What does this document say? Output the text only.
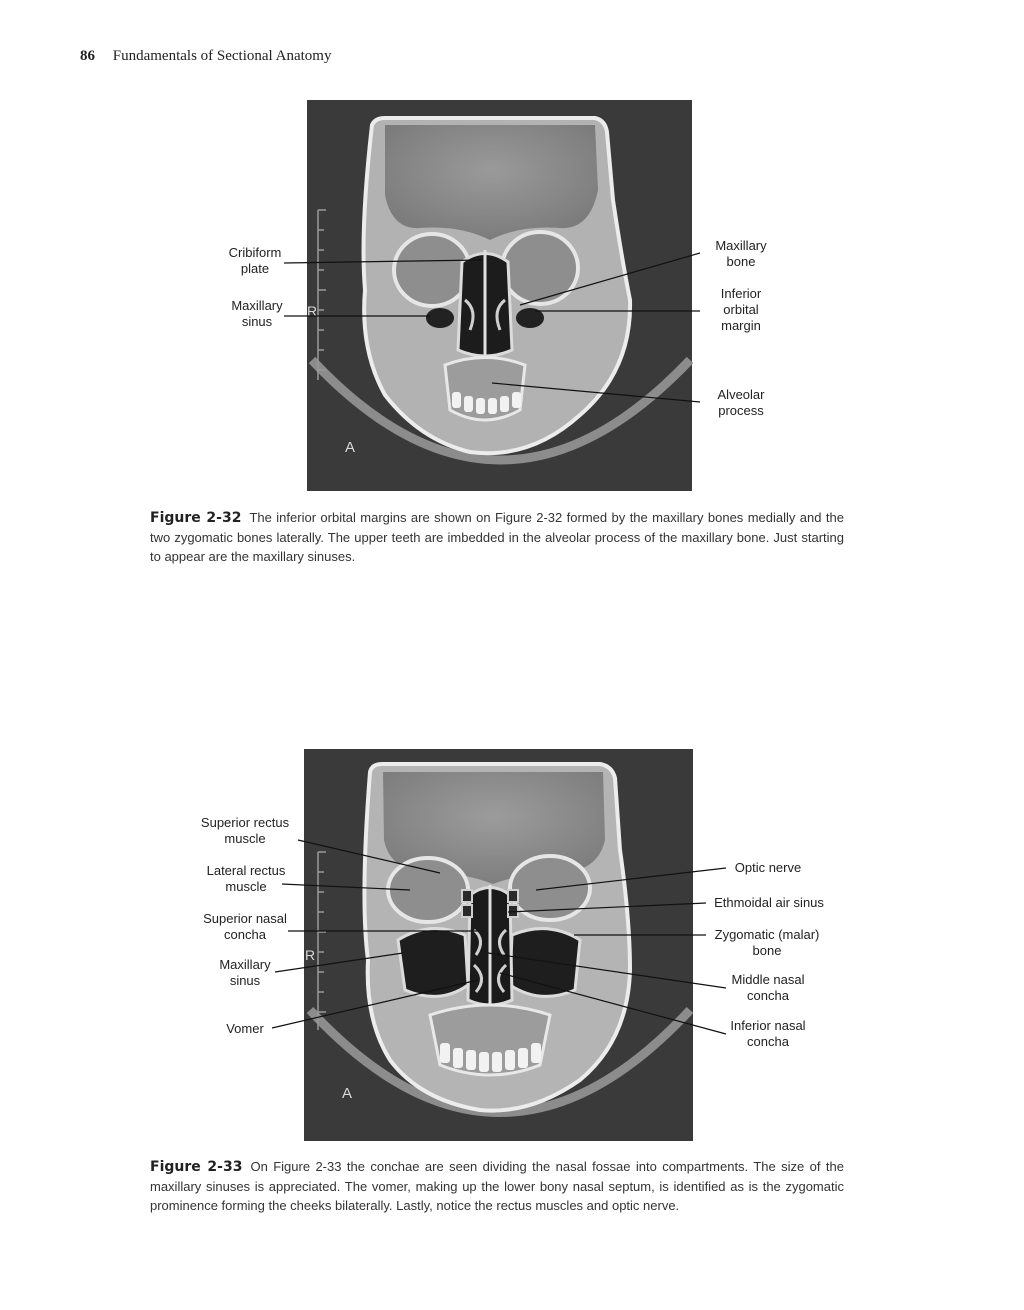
86 Fundamentals of Sectional Anatomy
A
R
Cribiform
plate
Maxillary
sinus
Maxillary
bone
Inferior
orbital
margin
Alveolar
process
Figure 2-32 The inferior orbital margins are shown on Figure 2-32 formed by the maxillary bones medially and the two zygomatic bones laterally. The upper teeth are imbedded in the alveolar process of the maxillary bone. Just starting to appear are the maxillary sinuses.
A
R
Superior rectus
muscle
Lateral rectus
muscle
Superior nasal
concha
Maxillary
sinus
Vomer
Optic nerve
Ethmoidal air sinus
Zygomatic (malar)
bone
Middle nasal
concha
Inferior nasal
concha
Figure 2-33 On Figure 2-33 the conchae are seen dividing the nasal fossae into compartments. The size of the maxillary sinuses is appreciated. The vomer, making up the lower bony nasal septum, is identified as is the zygomatic prominence forming the cheeks bilaterally. Lastly, notice the rectus muscles and optic nerve.
